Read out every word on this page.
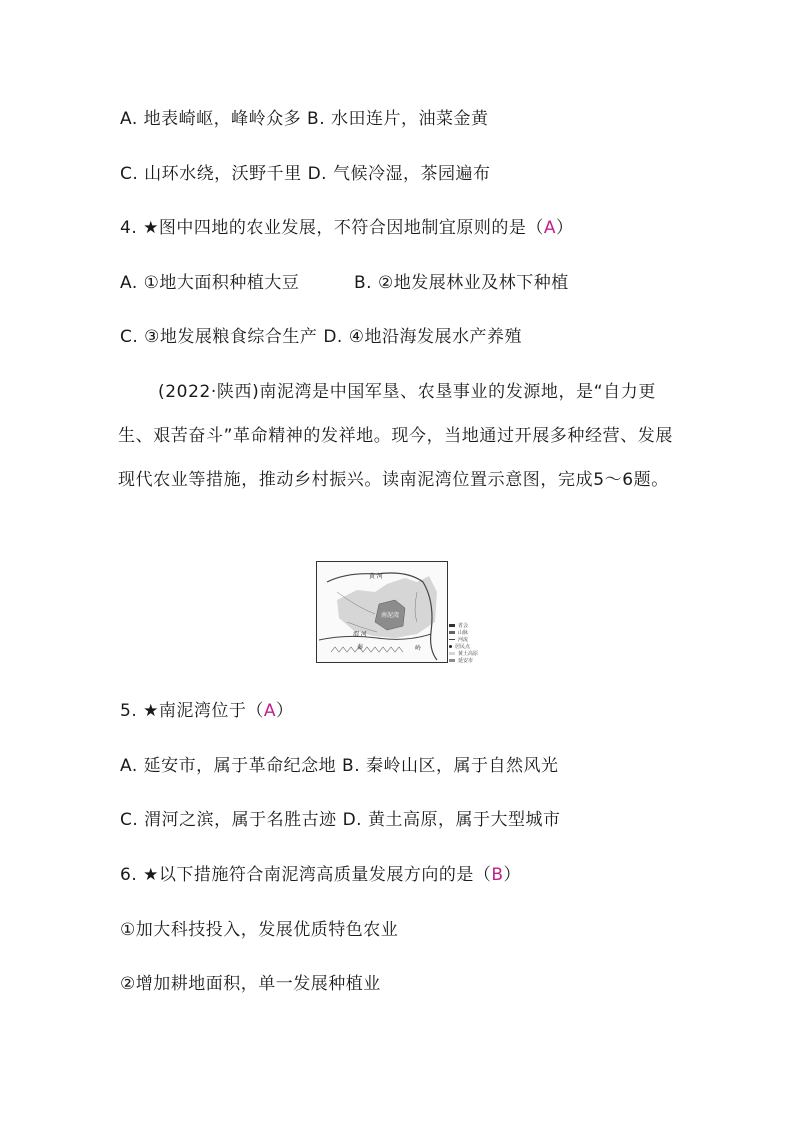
A. 地表崎岖，峰岭众多 B. 水田连片，油菜金黄
C. 山环水绕，沃野千里 D. 气候冷湿，茶园遍布
4. ★图中四地的农业发展，不符合因地制宜原则的是（A）
A. ①地大面积种植大豆	B. ②地发展林业及林下种植
C. ③地发展粮食综合生产 D. ④地沿海发展水产养殖
(2022·陕西)南泥湾是中国军垦、农垦事业的发源地，是“自力更生、艰苦奋斗”革命精神的发祥地。现今，当地通过开展多种经营、发展现代农业等措施，推动乡村振兴。读南泥湾位置示意图，完成5～6题。
黄 河
南泥湾
渭 河
秦	岭
省会
山脉
河流
居民点
黄土高原
延安市
5. ★南泥湾位于（A）
A. 延安市，属于革命纪念地 B. 秦岭山区，属于自然风光
C. 渭河之滨，属于名胜古迹 D. 黄土高原，属于大型城市
6. ★以下措施符合南泥湾高质量发展方向的是（B）
①加大科技投入，发展优质特色农业
②增加耕地面积，单一发展种植业
